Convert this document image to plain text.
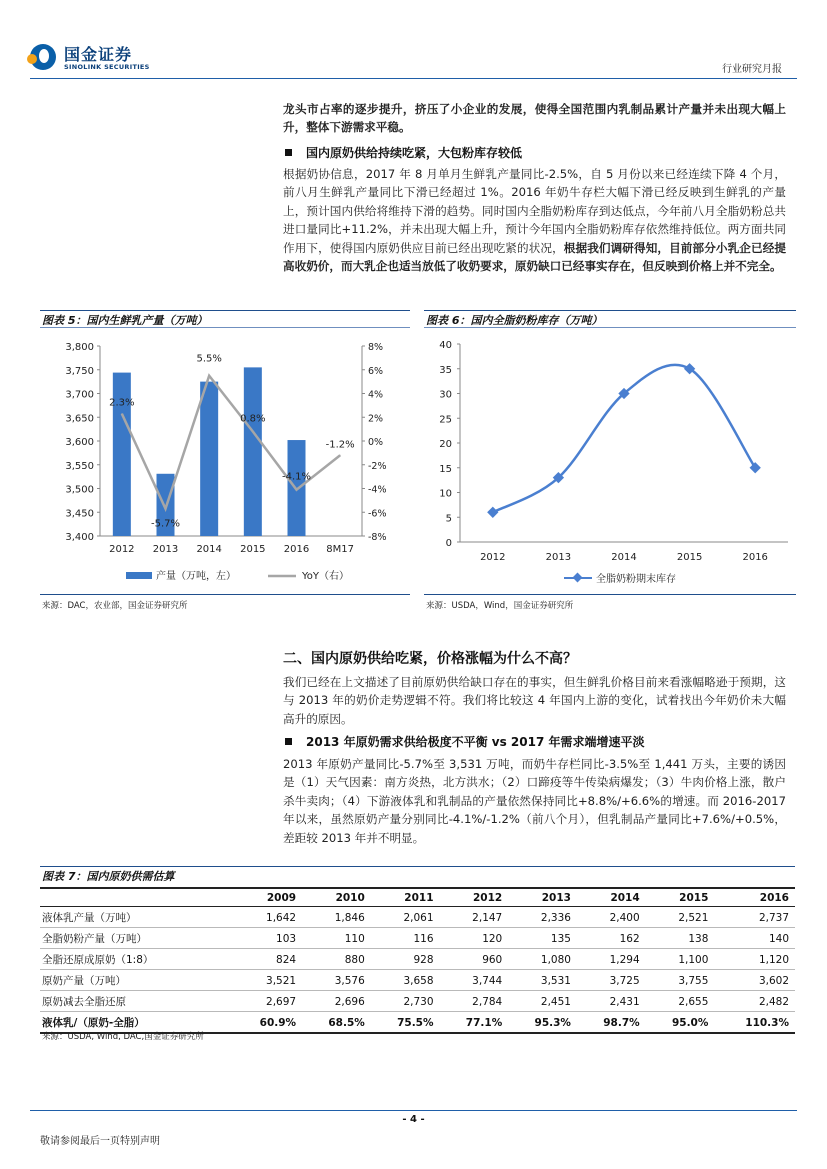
国金证券
SINOLINK SECURITIES	行业研究月报
龙头市占率的逐步提升，挤压了小企业的发展，使得全国范围内乳制品累计产量并未出现大幅上升，整体下游需求平稳。
国内原奶供给持续吃紧，大包粉库存较低
根据奶协信息，2017 年 8 月单月生鲜乳产量同比-2.5%，自 5 月份以来已经连续下降 4 个月，前八月生鲜乳产量同比下滑已经超过 1%。2016 年奶牛存栏大幅下滑已经反映到生鲜乳的产量上，预计国内供给将维持下滑的趋势。同时国内全脂奶粉库存到达低点，今年前八月全脂奶粉总共进口量同比+11.2%，并未出现大幅上升，预计今年国内全脂奶粉库存依然维持低位。两方面共同作用下，使得国内原奶供应目前已经出现吃紧的状况，根据我们调研得知，目前部分小乳企已经提高收奶价，而大乳企也适当放低了收奶要求，原奶缺口已经事实存在，但反映到价格上并不完全。
图表 5：国内生鲜乳产量（万吨）
3,400
3,450
3,500
3,550
3,600
3,650
3,700
3,750
3,800
-8%
-6%
-4%
-2%
0%
2%
4%
6%
8%
2012 2013 2014 2015 2016 8M17
2.3%
-5.7%
5.5%
0.8%
-4.1%
-1.2%
产量（万吨，左）	YoY（右）
来源：DAC，农业部，国金证券研究所
图表 6：国内全脂奶粉库存（万吨）
0
5
10
15
20
25
30
35
40
2012	2013	2014	2015	2016
全脂奶粉期末库存
来源：USDA，Wind，国金证券研究所
二、国内原奶供给吃紧，价格涨幅为什么不高？
我们已经在上文描述了目前原奶供给缺口存在的事实，但生鲜乳价格目前来看涨幅略逊于预期，这与 2013 年的奶价走势逻辑不符。我们将比较这 4 年国内上游的变化，试着找出今年奶价未大幅高升的原因。
2013 年原奶需求供给极度不平衡 vs 2017 年需求端增速平淡
2013 年原奶产量同比-5.7%至 3,531 万吨，而奶牛存栏同比-3.5%至 1,441 万头，主要的诱因是（1）天气因素：南方炎热，北方洪水；（2）口蹄疫等牛传染病爆发；（3）牛肉价格上涨，散户杀牛卖肉；（4）下游液体乳和乳制品的产量依然保持同比+8.8%/+6.6%的增速。而 2016-2017 年以来，虽然原奶产量分别同比-4.1%/-1.2%（前八个月），但乳制品产量同比+7.6%/+0.5%，差距较 2013 年并不明显。
图表 7：国内原奶供需估算
	2009	2010	2011	2012	2013	2014	2015	2016
液体乳产量（万吨）	1,642	1,846	2,061	2,147	2,336	2,400	2,521	2,737
全脂奶粉产量（万吨）	103	110	116	120	135	162	138	140
全脂还原成原奶（1:8）	824	880	928	960	1,080	1,294	1,100	1,120
原奶产量（万吨）	3,521	3,576	3,658	3,744	3,531	3,725	3,755	3,602
原奶减去全脂还原	2,697	2,696	2,730	2,784	2,451	2,431	2,655	2,482
液体乳/（原奶-全脂）	60.9%	68.5%	75.5%	77.1%	95.3%	98.7%	95.0%	110.3%
来源：USDA, Wind, DAC,国金证券研究所
- 4 -
敬请参阅最后一页特别声明
